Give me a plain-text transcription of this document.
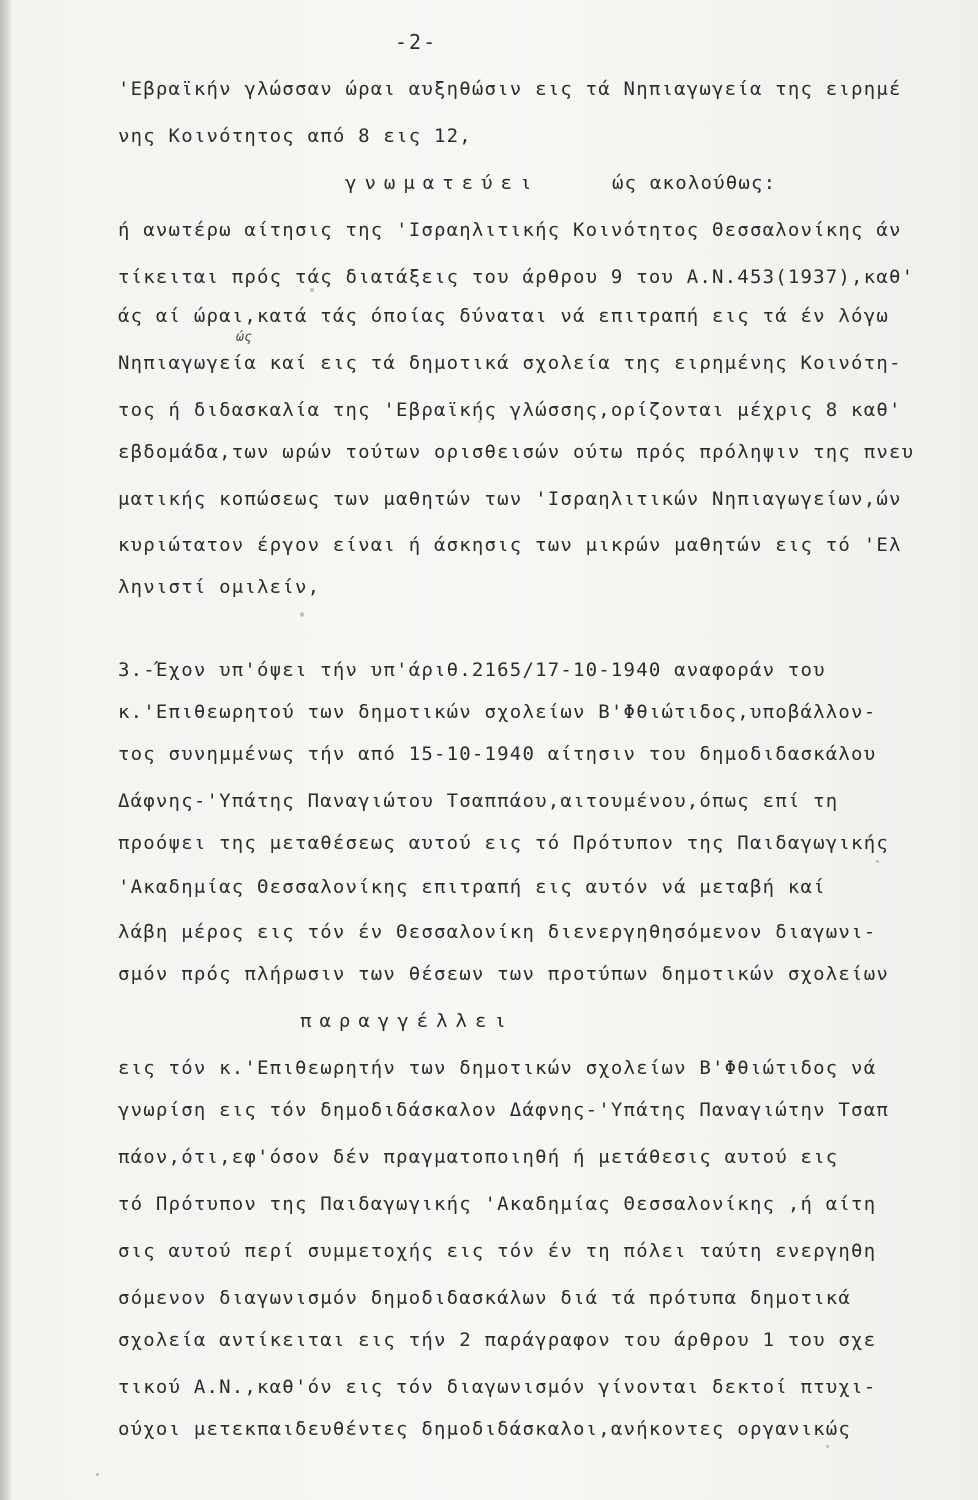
-2-
'Εβραϊκήν γλώσσαν ώραι αυξηθώσιν εις τά Νηπιαγωγεία της ειρημέ
νης Κοινότητος από 8 εις 12,
γνωματεύει	ώς ακολούθως:
ή ανωτέρω αίτησις της 'Ισραηλιτικής Κοινότητος Θεσσαλονίκης άν
τίκειται πρός τάς διατάξεις του άρθρου 9 του Α.Ν.453(1937),καθ'
άς αί ώραι,κατά τάς όποίας δύναται νά επιτραπή εις τά έν λόγω
ώς
Νηπιαγωγεία καί εις τά δημοτικά σχολεία της ειρημένης Κοινότη-
τος ή διδασκαλία της 'Εβραϊκής γλώσσης,ορίζονται μέχρις 8 καθ'
εβδομάδα,των ωρών τούτων ορισθεισών ούτω πρός πρόληψιν της πνευ
ματικής κοπώσεως των μαθητών των 'Ισραηλιτικών Νηπιαγωγείων,ών
κυριώτατον έργον είναι ή άσκησις των μικρών μαθητών εις τό 'Ελ
ληνιστί ομιλείν,
3.-Έχον υπ'όψει τήν υπ'άριθ.2165/17-10-1940 αναφοράν του
κ.'Επιθεωρητού των δημοτικών σχολείων Β'Φθιώτιδος,υποβάλλον-
τος συνημμένως τήν από 15-10-1940 αίτησιν του δημοδιδασκάλου
Δάφνης-'Υπάτης Παναγιώτου Τσαππάου,αιτουμένου,όπως επί τη
προόψει της μεταθέσεως αυτού εις τό Πρότυπον της Παιδαγωγικής
'Ακαδημίας Θεσσαλονίκης επιτραπή εις αυτόν νά μεταβή καί
λάβη μέρος εις τόν έν Θεσσαλονίκη διενεργηθησόμενον διαγωνι-
σμόν πρός πλήρωσιν των θέσεων των προτύπων δημοτικών σχολείων
παραγγέλλει
εις τόν κ.'Επιθεωρητήν των δημοτικών σχολείων Β'Φθιώτιδος νά
γνωρίση εις τόν δημοδιδάσκαλον Δάφνης-'Υπάτης Παναγιώτην Τσαπ
πάον,ότι,εφ'όσον δέν πραγματοποιηθή ή μετάθεσις αυτού εις
τό Πρότυπον της Παιδαγωγικής 'Ακαδημίας Θεσσαλονίκης ,ή αίτη
σις αυτού περί συμμετοχής εις τόν έν τη πόλει ταύτη ενεργηθη
σόμενον διαγωνισμόν δημοδιδασκάλων διά τά πρότυπα δημοτικά
σχολεία αντίκειται εις τήν 2 παράγραφον του άρθρου 1 του σχε
τικού Α.Ν.,καθ'όν εις τόν διαγωνισμόν γίνονται δεκτοί πτυχι-
ούχοι μετεκπαιδευθέντες δημοδιδάσκαλοι,ανήκοντες οργανικώς
